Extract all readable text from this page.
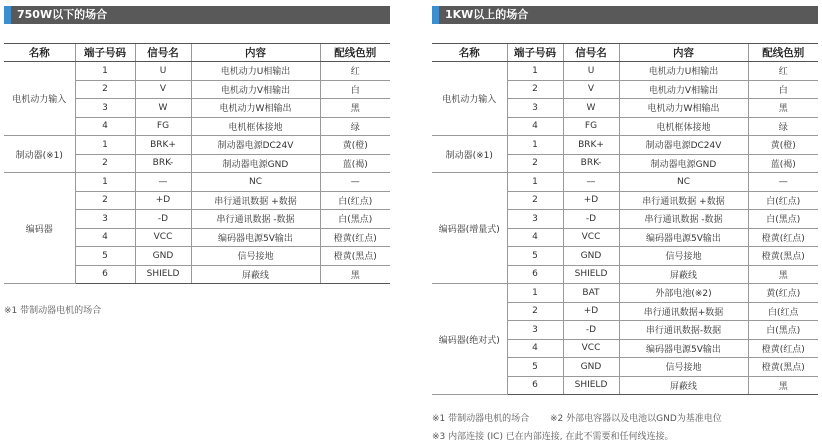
750W以下的场合
名称	端子号码	信号名	内容	配线色别
电机动力输入	1	U	电机动力U相输出	红
	2	V	电机动力V相输出	白
	3	W	电机动力W相输出	黑
	4	FG	电机框体接地	绿
制动器(※1)	1	BRK+	制动器电源DC24V	黄(橙)
	2	BRK-	制动器电源GND	蓝(褐)
编码器	1	—	NC	—
	2	+D	串行通讯数据 +数据	白(红点)
	3	-D	串行通讯数据 -数据	白(黑点)
	4	VCC	编码器电源5V输出	橙黄(红点)
	5	GND	信号接地	橙黄(黑点)
	6	SHIELD	屏蔽线	黑
1KW以上的场合
名称	端子号码	信号名	内容	配线色别
电机动力输入	1	U	电机动力U相输出	红
	2	V	电机动力V相输出	白
	3	W	电机动力W相输出	黑
	4	FG	电机框体接地	绿
制动器(※1)	1	BRK+	制动器电源DC24V	黄(橙)
	2	BRK-	制动器电源GND	蓝(褐)
编码器(增量式)	1	—	NC	—
	2	+D	串行通讯数据 +数据	白(红点)
	3	-D	串行通讯数据 -数据	白(黑点)
	4	VCC	编码器电源5V输出	橙黄(红点)
	5	GND	信号接地	橙黄(黑点)
	6	SHIELD	屏蔽线	黑
编码器(绝对式)	1	BAT	外部电池(※2)	黄(红点)
	2	+D	串行通讯数据+数据	白(红点
	3	-D	串行通讯数据-数据	白(黑点)
	4	VCC	编码器电源5V输出	橙黄(红点)
	5	GND	信号接地	橙黄(黑点)
	6	SHIELD	屏蔽线	黑
※1 带制动器电机的场合
※1 带制动器电机的场合 　　※2 外部电容器以及电池以GND为基准电位
※3 内部连接 (IC) 已在内部连接, 在此不需要和任何线连接。
